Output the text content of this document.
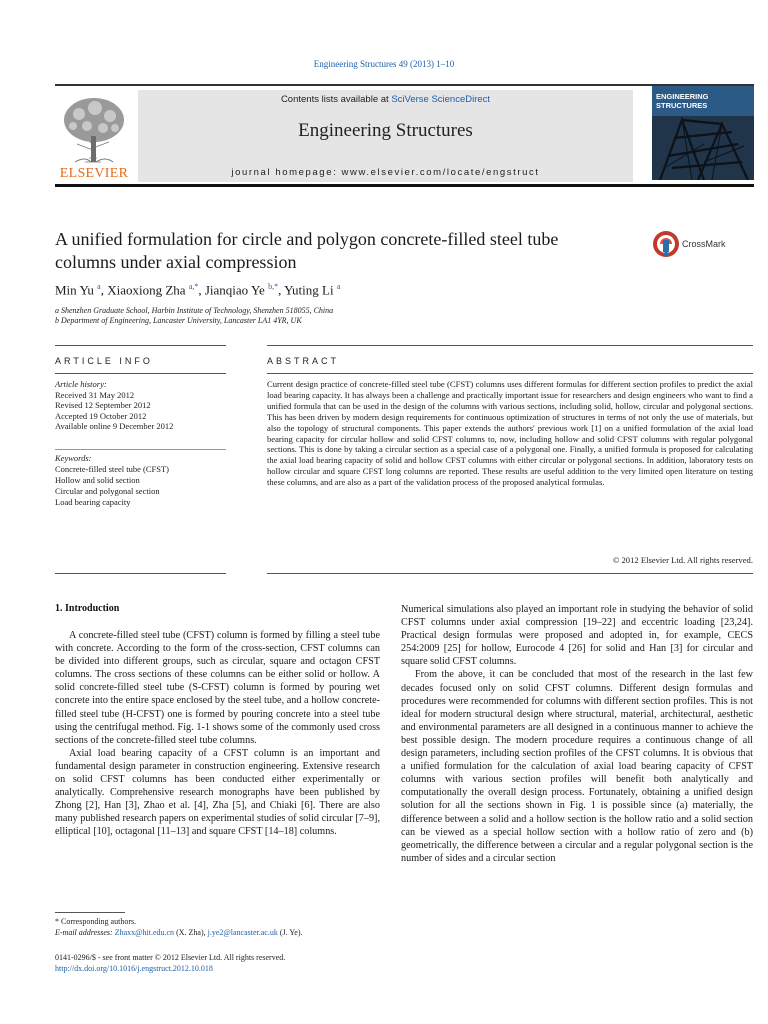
Engineering Structures 49 (2013) 1–10
ELSEVIER
Contents lists available at SciVerse ScienceDirect
Engineering Structures
journal homepage: www.elsevier.com/locate/engstruct
ENGINEERING
STRUCTURES
A unified formulation for circle and polygon concrete-filled steel tube columns under axial compression
CrossMark
Min Yu $^a$, Xiaoxiong Zha $^{a,*}$, Jianqiao Ye $^{b,*}$, Yuting Li $^a$
a Shenzhen Graduate School, Harbin Institute of Technology, Shenzhen 518055, China
b Department of Engineering, Lancaster University, Lancaster LA1 4YR, UK
ARTICLE INFO	ABSTRACT
Article history:
Received 31 May 2012
Revised 12 September 2012
Accepted 19 October 2012
Available online 9 December 2012
Keywords:
Concrete-filled steel tube (CFST)
Hollow and solid section
Circular and polygonal section
Load bearing capacity
Current design practice of concrete-filled steel tube (CFST) columns uses different formulas for different section profiles to predict the axial load bearing capacity. It has always been a challenge and practically important issue for researchers and design engineers who want to find a unified formula that can be used in the design of the columns with various sections, including solid, hollow, circular and polygonal sections. This has been driven by modern design requirements for continuous optimization of structures in terms of not only the use of materials, but also the topology of structural components. This paper extends the authors' previous work [1] on a unified formulation of the axial load bearing capacity for circular hollow and solid CFST columns to, now, including hollow and solid CFST columns with regular polygonal sections. This is done by taking a circular section as a special case of a polygonal one. Finally, a unified formula is proposed for calculating the axial load bearing capacity of solid and hollow CFST columns with either circular or polygonal sections. In addition, laboratory tests on hollow circular and square CFST long columns are reported. These results are useful addition to the very limited open literature on testing these columns, and are also as a part of the validation process of the proposed analytical formulas.
© 2012 Elsevier Ltd. All rights reserved.
1. Introduction

A concrete-filled steel tube (CFST) column is formed by filling a steel tube with concrete. According to the form of the cross-section, CFST columns can be divided into different groups, such as circular, square and octagon CFST columns. The cross sections of these columns can be either solid or hollow. A solid concrete-filled steel tube (S-CFST) column is formed by pouring wet concrete into the entire space enclosed by the steel tube, and a hollow concrete-filled steel tube (H-CFST) one is formed by pouring concrete into a steel tube using the centrifugal method. Fig. 1-1 shows some of the commonly used cross sections of the concrete-filled steel tube columns.

Axial load bearing capacity of a CFST column is an important and fundamental design parameter in construction engineering. Extensive research on solid CFST columns has been conducted either experimentally or analytically. Comprehensive research monographs have been published by Zhong [2], Han [3], Zhao et al. [4], Zha [5], and Chiaki [6]. There are also many published research papers on experimental studies of solid circular [7–9], elliptical [10], octagonal [11–13] and square CFST [14–18] columns.

Numerical simulations also played an important role in studying the behavior of solid CFST columns under axial compression [19–22] and eccentric loading [23,24]. Practical design formulas were proposed and adopted in, for example, CECS 254:2009 [25] for hollow, Eurocode 4 [26] for solid and Han [3] for circular and square solid CFST columns.

From the above, it can be concluded that most of the research in the last few decades focused only on solid CFST columns. Different design formulas and procedures were recommended for columns with different section profiles. This is not ideal for modern structural design where structural, material, architectural, aesthetic and environmental parameters are all designed in a continuous manner to achieve the best possible design. The modern procedure requires a continuous change of all design parameters, including section profiles of the CFST columns. It is obvious that a unified formulation for the calculation of axial load bearing capacity of CFST columns with various section profiles will benefit both analytically and computationally the overall design process. Fortunately, obtaining a unified design solution for all the sections shown in Fig. 1 is possible since (a) materially, the difference between a solid and a hollow section is the hollow ratio and a solid section can be viewed as a special hollow section with a hollow ratio of zero and (b) geometrically, the difference between a circular and a regular polygonal section is the number of sides and a circular section

* Corresponding authors.
E-mail addresses: Zhaxx@hit.edu.cn (X. Zha), j.ye2@lancaster.ac.uk (J. Ye).
0141-0296/$ - see front matter © 2012 Elsevier Ltd. All rights reserved.
http://dx.doi.org/10.1016/j.engstruct.2012.10.018
